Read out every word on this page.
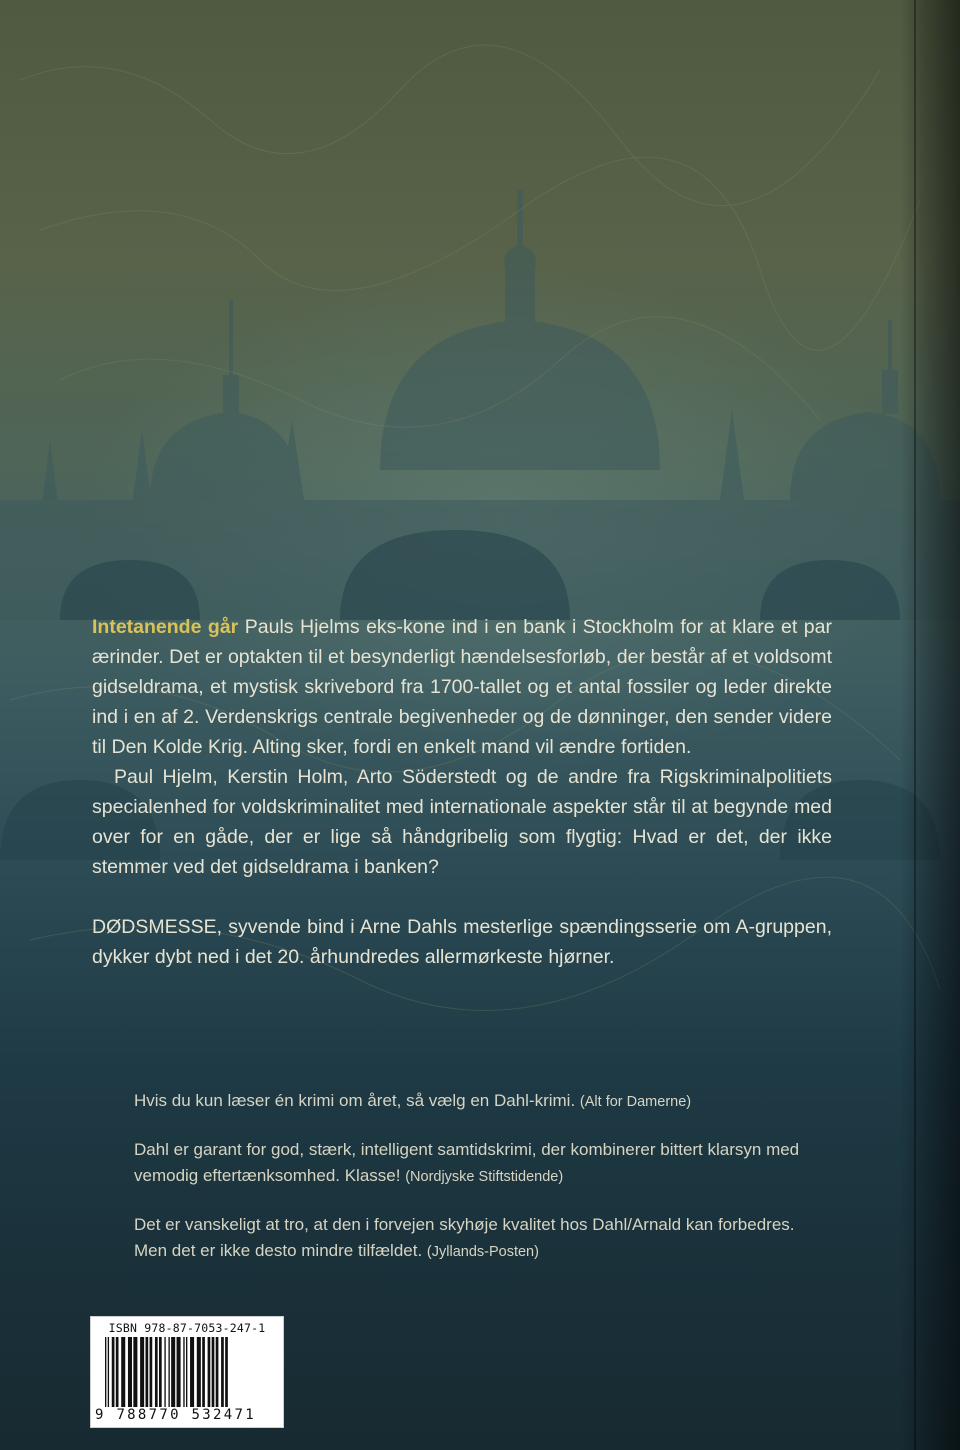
Intetanende går Pauls Hjelms eks-kone ind i en bank i Stockholm for at klare et par ærinder. Det er optakten til et besynderligt hændelsesforløb, der består af et voldsomt gidseldrama, et mystisk skrivebord fra 1700-tallet og et antal fossiler og leder direkte ind i en af 2. Verdenskrigs centrale begivenheder og de dønninger, den sender videre til Den Kolde Krig. Alting sker, fordi en enkelt mand vil ændre fortiden.

Paul Hjelm, Kerstin Holm, Arto Söderstedt og de andre fra Rigskriminalpolitiets specialenhed for voldskriminalitet med internationale aspekter står til at begynde med over for en gåde, der er lige så håndgribelig som flygtig: Hvad er det, der ikke stemmer ved det gidseldrama i banken?

DØDSMESSE, syvende bind i Arne Dahls mesterlige spændingsserie om A-gruppen, dykker dybt ned i det 20. århundredes allermørkeste hjørner.

Hvis du kun læser én krimi om året, så vælg en Dahl-krimi. (Alt for Damerne)

Dahl er garant for god, stærk, intelligent samtidskrimi, der kombinerer bittert klarsyn med vemodig eftertænksomhed. Klasse! (Nordjyske Stiftstidende)

Det er vanskeligt at tro, at den i forvejen skyhøje kvalitet hos Dahl/Arnald kan forbedres. Men det er ikke desto mindre tilfældet. (Jyllands-Posten)

ISBN 978-87-7053-247-1
9 788770 532471
